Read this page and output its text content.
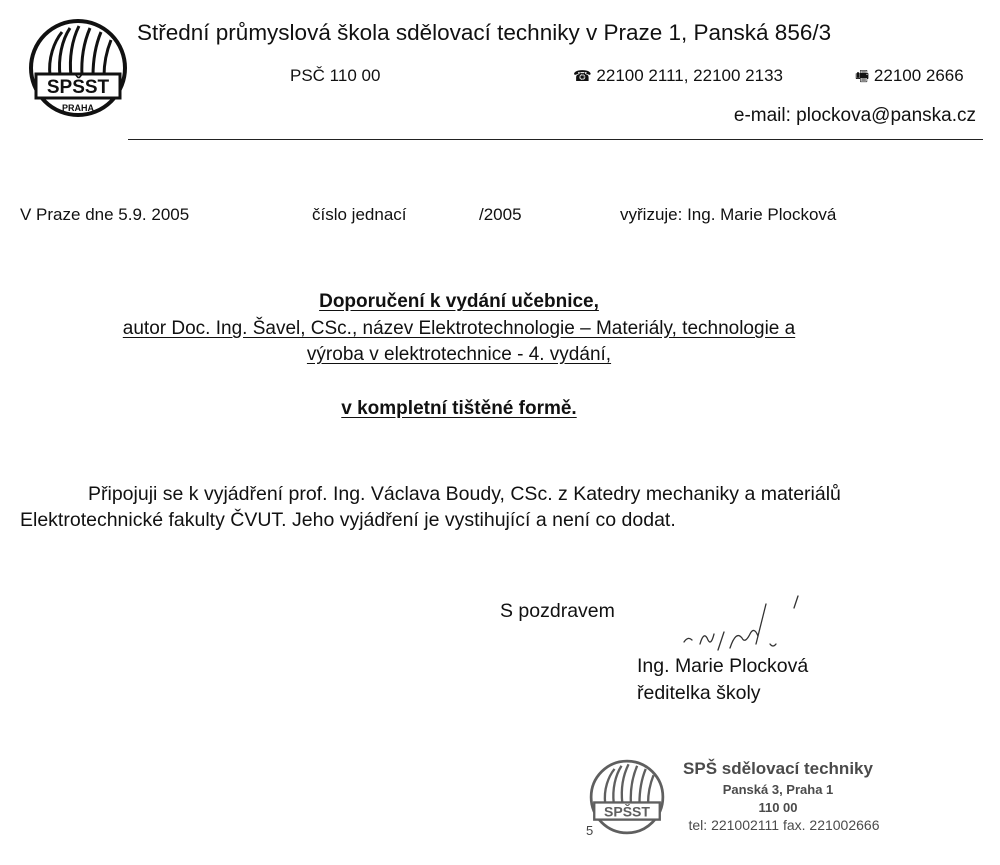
SPŠST
PRAHA
Střední průmyslová škola sdělovací techniky v Praze 1, Panská 856/3
PSČ 110 00	☎ 22100 2111, 22100 2133	🖷 22100 2666
e-mail: plockova@panska.cz
V Praze dne 5.9. 2005	číslo jednací	/2005	vyřizuje: Ing. Marie Plocková
Doporučení k vydání učebnice,
autor Doc. Ing. Šavel, CSc., název Elektrotechnologie – Materiály, technologie a
výroba v elektrotechnice - 4. vydání,
v kompletní tištěné formě.
Připojuji se k vyjádření prof. Ing. Václava Boudy, CSc. z Katedry mechaniky a materiálů Elektrotechnické fakulty ČVUT. Jeho vyjádření je vystihující a není co dodat.
S pozdravem
Ing. Marie Plocková
ředitelka školy
SPŠST
5
SPŠ sdělovací techniky
Panská 3, Praha 1
110 00
tel: 221002111 fax. 221002666
